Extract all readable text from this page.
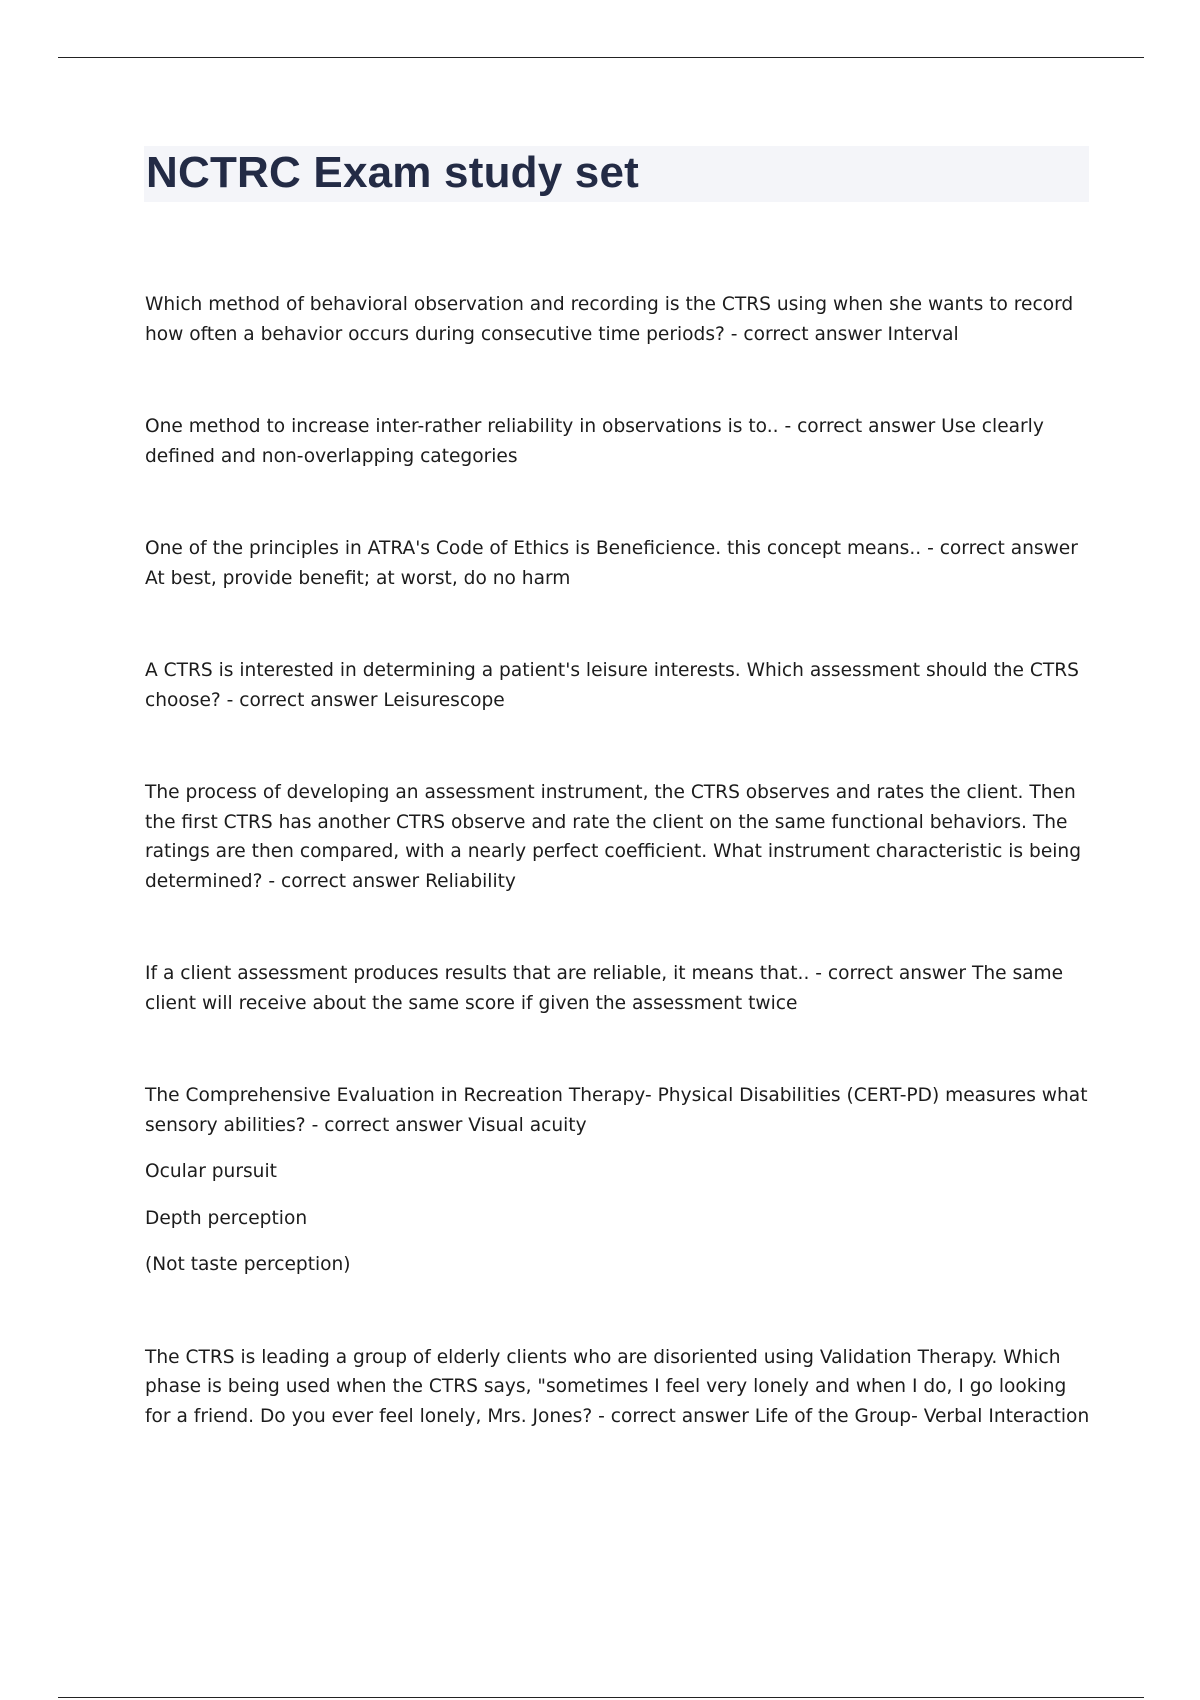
NCTRC Exam study set

Which method of behavioral observation and recording is the CTRS using when she wants to record how often a behavior occurs during consecutive time periods? - correct answer Interval

One method to increase inter-rather reliability in observations is to.. - correct answer Use clearly defined and non-overlapping categories

One of the principles in ATRA's Code of Ethics is Beneficience. this concept means.. - correct answer At best, provide benefit; at worst, do no harm

A CTRS is interested in determining a patient's leisure interests. Which assessment should the CTRS choose? - correct answer Leisurescope

The process of developing an assessment instrument, the CTRS observes and rates the client. Then the first CTRS has another CTRS observe and rate the client on the same functional behaviors. The ratings are then compared, with a nearly perfect coefficient. What instrument characteristic is being determined? - correct answer Reliability

If a client assessment produces results that are reliable, it means that.. - correct answer The same client will receive about the same score if given the assessment twice

The Comprehensive Evaluation in Recreation Therapy- Physical Disabilities (CERT-PD) measures what sensory abilities? - correct answer Visual acuity

Ocular pursuit

Depth perception

(Not taste perception)

The CTRS is leading a group of elderly clients who are disoriented using Validation Therapy. Which phase is being used when the CTRS says, "sometimes I feel very lonely and when I do, I go looking for a friend. Do you ever feel lonely, Mrs. Jones? - correct answer Life of the Group- Verbal Interaction
